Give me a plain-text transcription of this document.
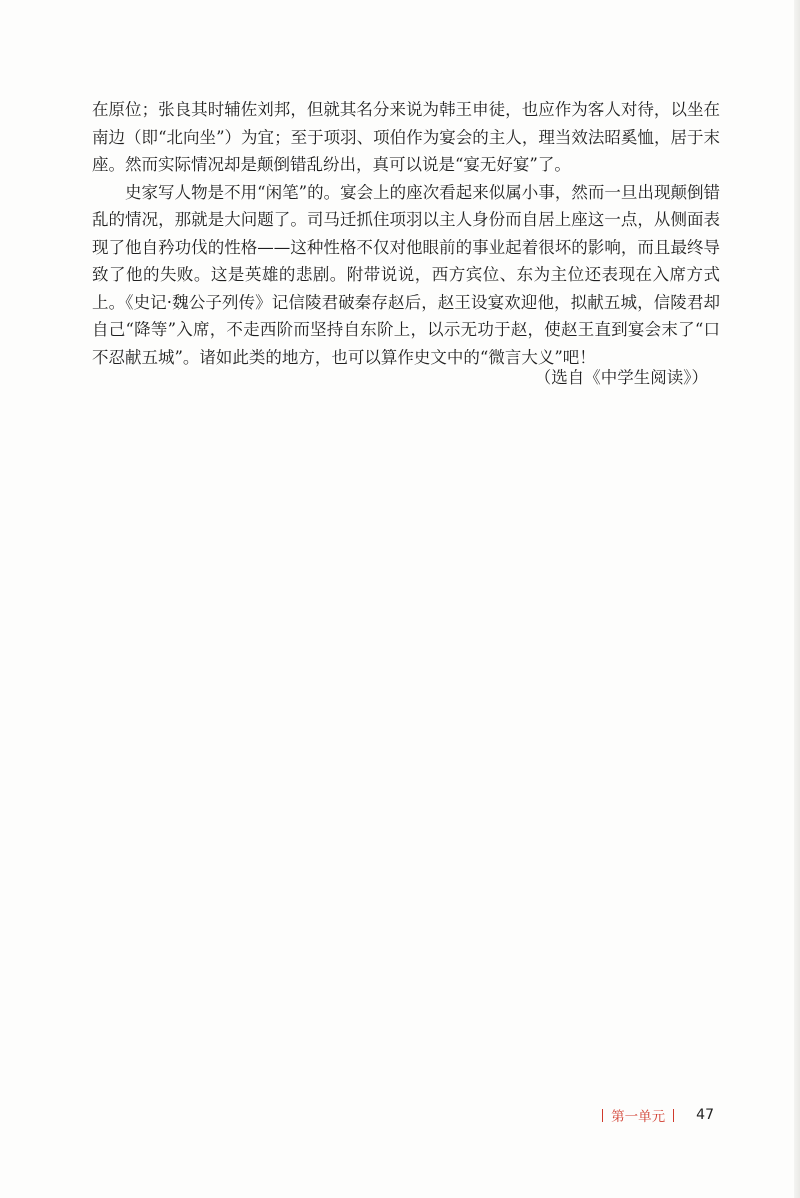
在原位；张良其时辅佐刘邦，但就其名分来说为韩王申徒，也应作为客人对待，以坐在南边（即“北向坐”）为宜；至于项羽、项伯作为宴会的主人，理当效法昭奚恤，居于末座。然而实际情况却是颠倒错乱纷出，真可以说是“宴无好宴”了。

史家写人物是不用“闲笔”的。宴会上的座次看起来似属小事，然而一旦出现颠倒错乱的情况，那就是大问题了。司马迁抓住项羽以主人身份而自居上座这一点，从侧面表现了他自矜功伐的性格——这种性格不仅对他眼前的事业起着很坏的影响，而且最终导致了他的失败。这是英雄的悲剧。附带说说，西方宾位、东为主位还表现在入席方式上。《史记·魏公子列传》记信陵君破秦存赵后，赵王设宴欢迎他，拟献五城，信陵君却自己“降等”入席，不走西阶而坚持自东阶上，以示无功于赵，使赵王直到宴会末了“口不忍献五城”。诸如此类的地方，也可以算作史文中的“微言大义”吧！

（选自《中学生阅读》）
第一单元 47
